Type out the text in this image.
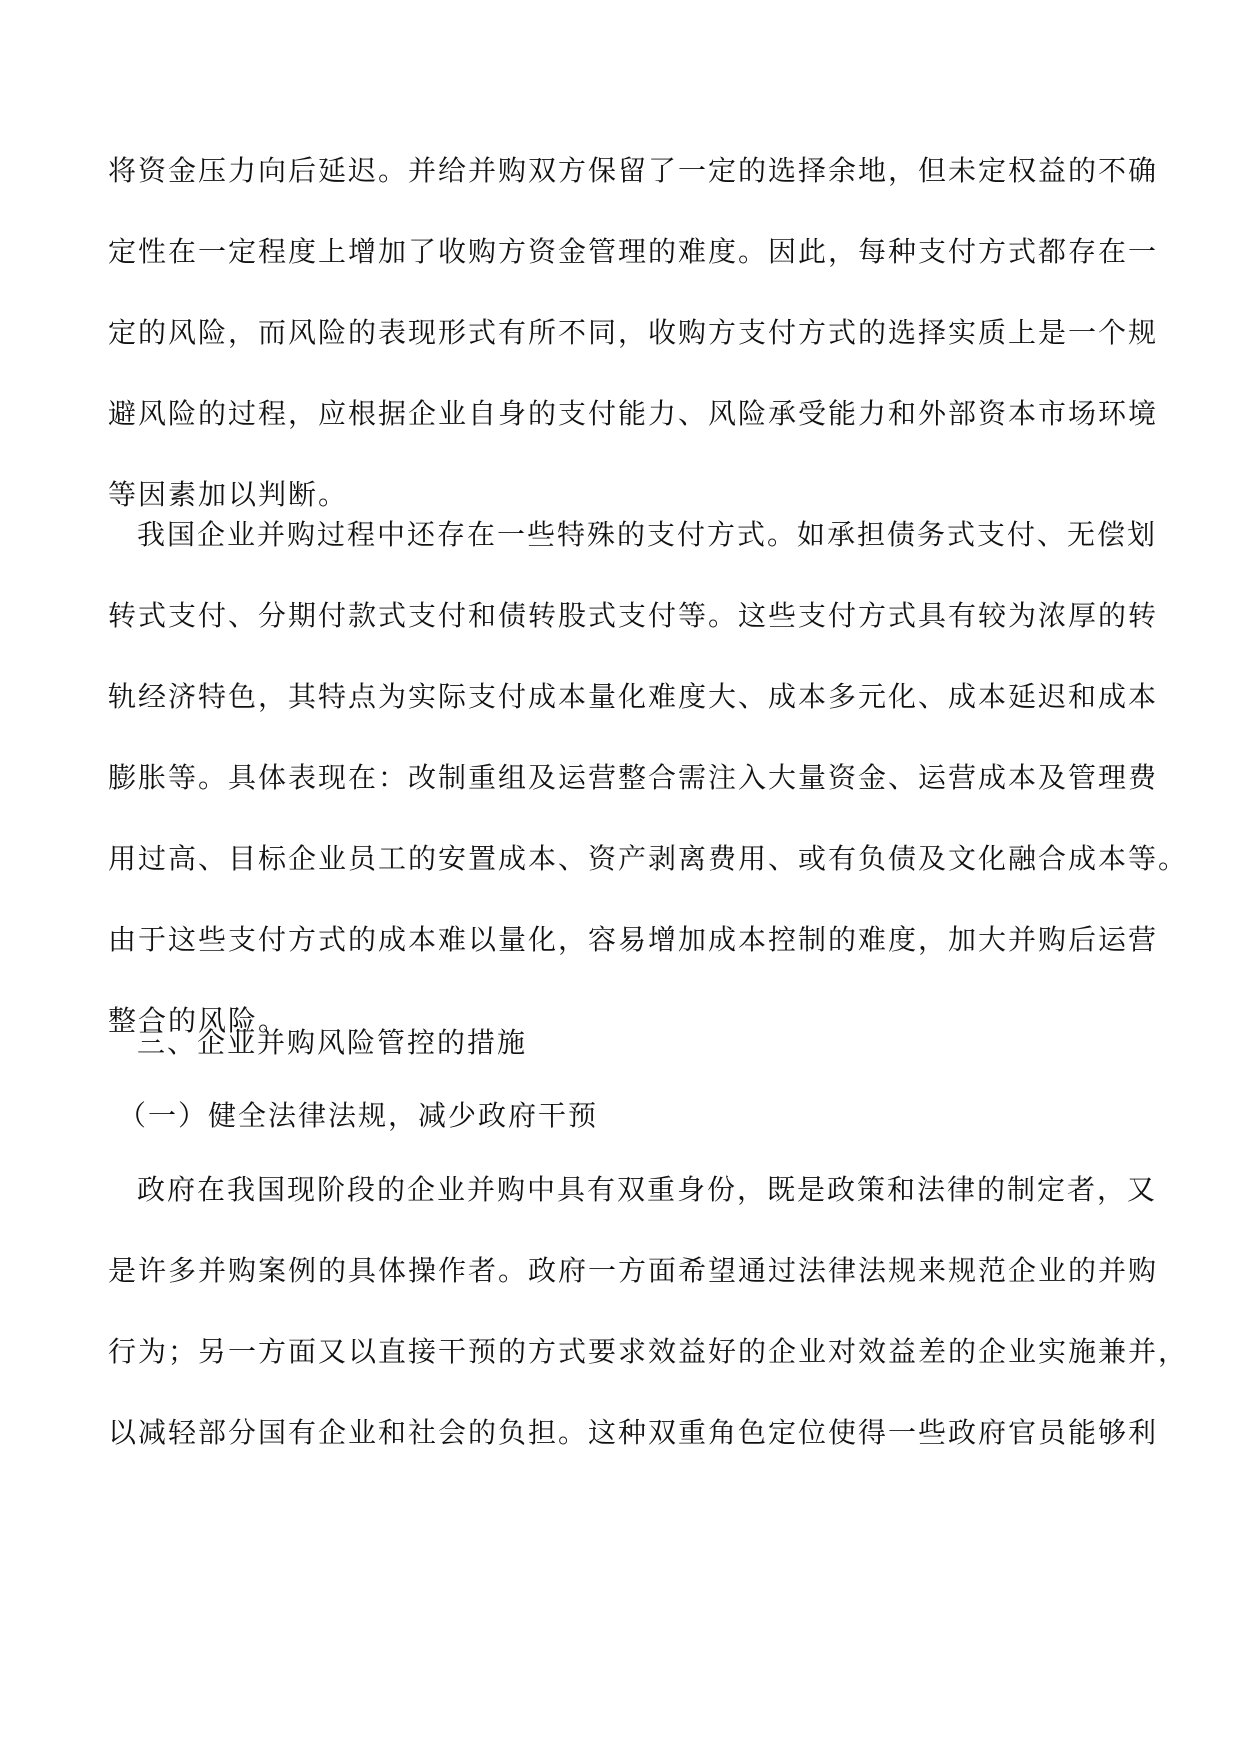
将资金压力向后延迟。并给并购双方保留了一定的选择余地，但未定权益的不确
定性在一定程度上增加了收购方资金管理的难度。因此，每种支付方式都存在一
定的风险，而风险的表现形式有所不同，收购方支付方式的选择实质上是一个规
避风险的过程，应根据企业自身的支付能力、风险承受能力和外部资本市场环境
等因素加以判断。
我国企业并购过程中还存在一些特殊的支付方式。如承担债务式支付、无偿划
转式支付、分期付款式支付和债转股式支付等。这些支付方式具有较为浓厚的转
轨经济特色，其特点为实际支付成本量化难度大、成本多元化、成本延迟和成本
膨胀等。具体表现在：改制重组及运营整合需注入大量资金、运营成本及管理费
用过高、目标企业员工的安置成本、资产剥离费用、或有负债及文化融合成本等。
由于这些支付方式的成本难以量化，容易增加成本控制的难度，加大并购后运营
整合的风险。
三、企业并购风险管控的措施
（一）健全法律法规，减少政府干预
政府在我国现阶段的企业并购中具有双重身份，既是政策和法律的制定者，又
是许多并购案例的具体操作者。政府一方面希望通过法律法规来规范企业的并购
行为；另一方面又以直接干预的方式要求效益好的企业对效益差的企业实施兼并，
以减轻部分国有企业和社会的负担。这种双重角色定位使得一些政府官员能够利
